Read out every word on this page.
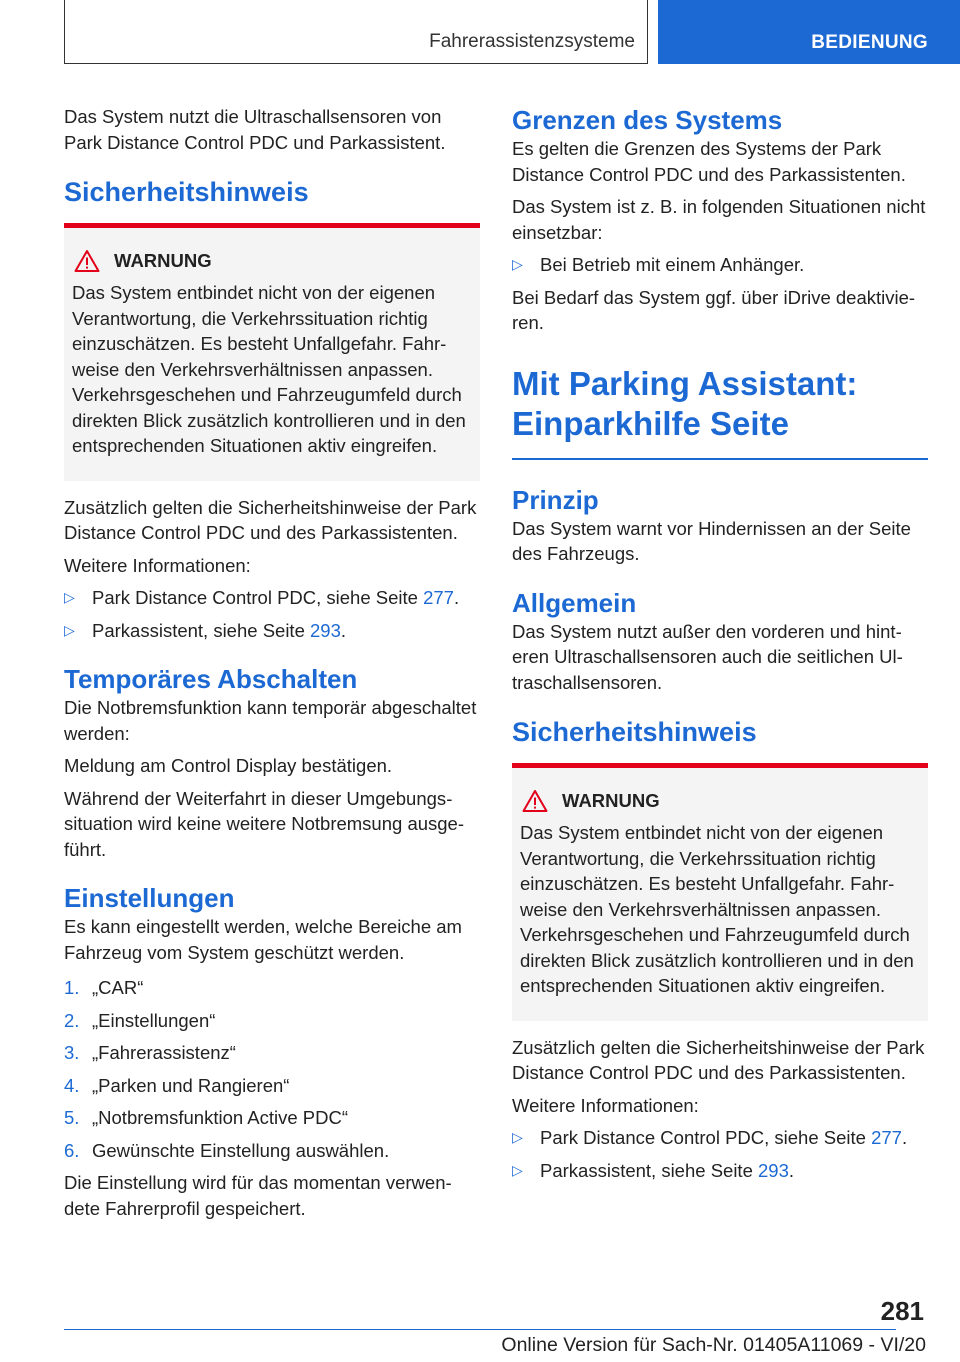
Fahrerassistenzsysteme	BEDIENUNG

Das System nutzt die Ultraschallsensoren von Park Distance Control PDC und Parkassistent.

Sicherheitshinweis
WARNUNG

Das System entbindet nicht von der eigenen Verantwortung, die Verkehrssituation richtig einzuschätzen. Es besteht Unfallgefahr. Fahrweise den Verkehrsverhältnissen anpassen. Verkehrsgeschehen und Fahrzeugumfeld durch direkten Blick zusätzlich kontrollieren und in den entsprechenden Situationen aktiv eingreifen.

Zusätzlich gelten die Sicherheitshinweise der Park Distance Control PDC und des Parkassistenten.

Weitere Informationen:

▷ Park Distance Control PDC, siehe Seite 277.
▷ Parkassistent, siehe Seite 293.
Temporäres Abschalten

Die Notbremsfunktion kann temporär abgeschaltet werden:

Meldung am Control Display bestätigen.

Während der Weiterfahrt in dieser Umgebungssituation wird keine weitere Notbremsung ausgeführt.

Einstellungen

Es kann eingestellt werden, welche Bereiche am Fahrzeug vom System geschützt werden.

1. „CAR“
2. „Einstellungen“
3. „Fahrerassistenz“
4. „Parken und Rangieren“
5. „Notbremsfunktion Active PDC“
6. Gewünschte Einstellung auswählen.

Die Einstellung wird für das momentan verwendete Fahrerprofil gespeichert.

Grenzen des Systems

Es gelten die Grenzen des Systems der Park Distance Control PDC und des Parkassistenten.

Das System ist z. B. in folgenden Situationen nicht einsetzbar:

▷ Bei Betrieb mit einem Anhänger.

Bei Bedarf das System ggf. über iDrive deaktivieren.

Mit Parking Assistant: Einparkhilfe Seite
Prinzip

Das System warnt vor Hindernissen an der Seite des Fahrzeugs.

Allgemein

Das System nutzt außer den vorderen und hinteren Ultraschallsensoren auch die seitlichen Ultraschallsensoren.

Sicherheitshinweis
WARNUNG

Das System entbindet nicht von der eigenen Verantwortung, die Verkehrssituation richtig einzuschätzen. Es besteht Unfallgefahr. Fahrweise den Verkehrsverhältnissen anpassen. Verkehrsgeschehen und Fahrzeugumfeld durch direkten Blick zusätzlich kontrollieren und in den entsprechenden Situationen aktiv eingreifen.

Zusätzlich gelten die Sicherheitshinweise der Park Distance Control PDC und des Parkassistenten.

Weitere Informationen:

▷ Park Distance Control PDC, siehe Seite 277.
▷ Parkassistent, siehe Seite 293.
281
Online Version für Sach-Nr. 01405A11069 - VI/20
